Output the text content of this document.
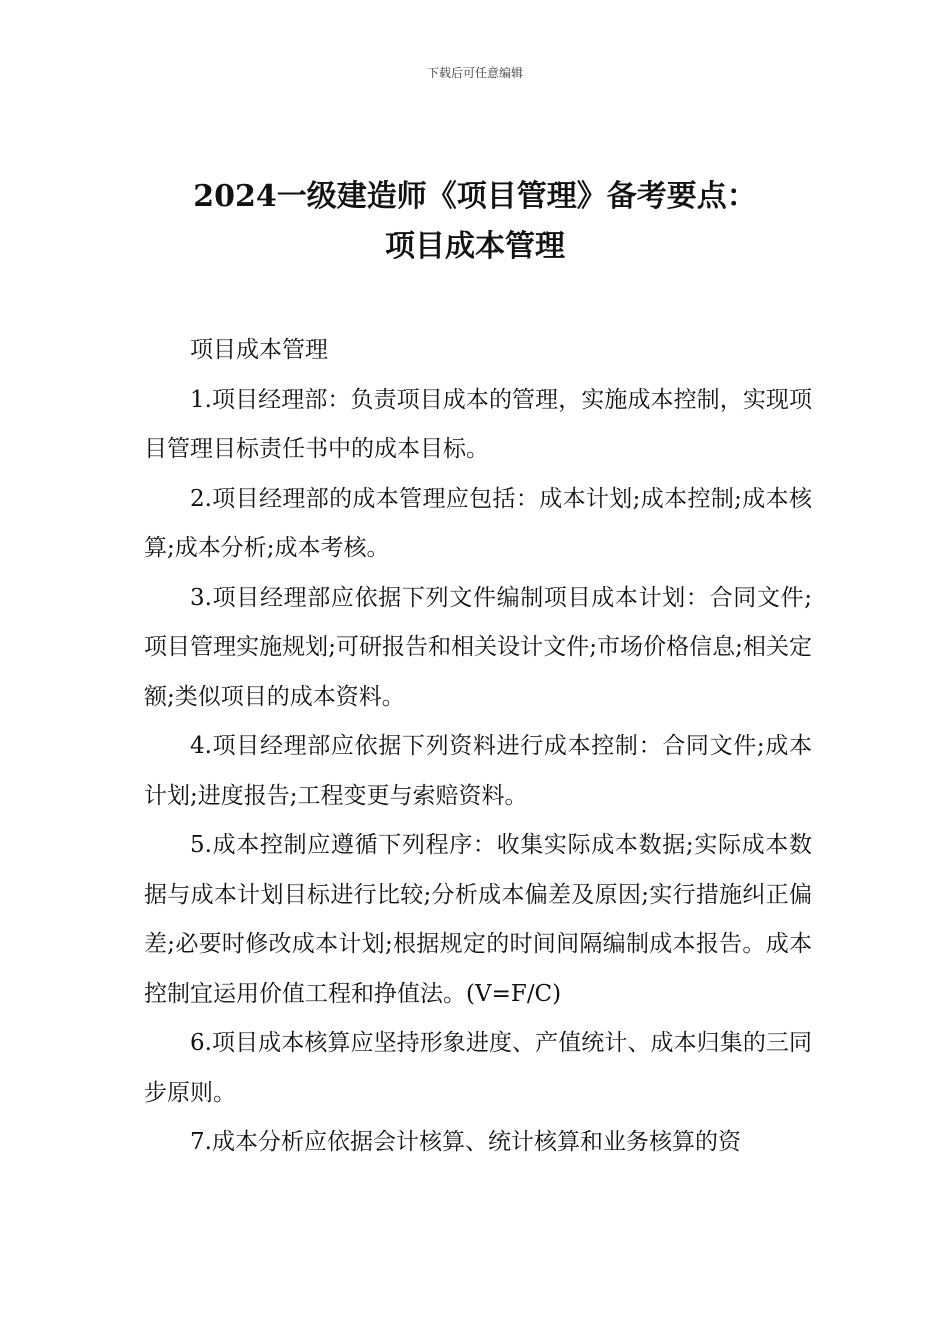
下载后可任意编辑
2024一级建造师《项目管理》备考要点：
项目成本管理

项目成本管理

1.项目经理部：负责项目成本的管理，实施成本控制，实现项目管理目标责任书中的成本目标。

2.项目经理部的成本管理应包括：成本计划;成本控制;成本核算;成本分析;成本考核。

3.项目经理部应依据下列文件编制项目成本计划：合同文件;项目管理实施规划;可研报告和相关设计文件;市场价格信息;相关定额;类似项目的成本资料。

4.项目经理部应依据下列资料进行成本控制：合同文件;成本计划;进度报告;工程变更与索赔资料。

5.成本控制应遵循下列程序：收集实际成本数据;实际成本数据与成本计划目标进行比较;分析成本偏差及原因;实行措施纠正偏差;必要时修改成本计划;根据规定的时间间隔编制成本报告。成本控制宜运用价值工程和挣值法。(V=F/C)

6.项目成本核算应坚持形象进度、产值统计、成本归集的三同步原则。

7.成本分析应依据会计核算、统计核算和业务核算的资
